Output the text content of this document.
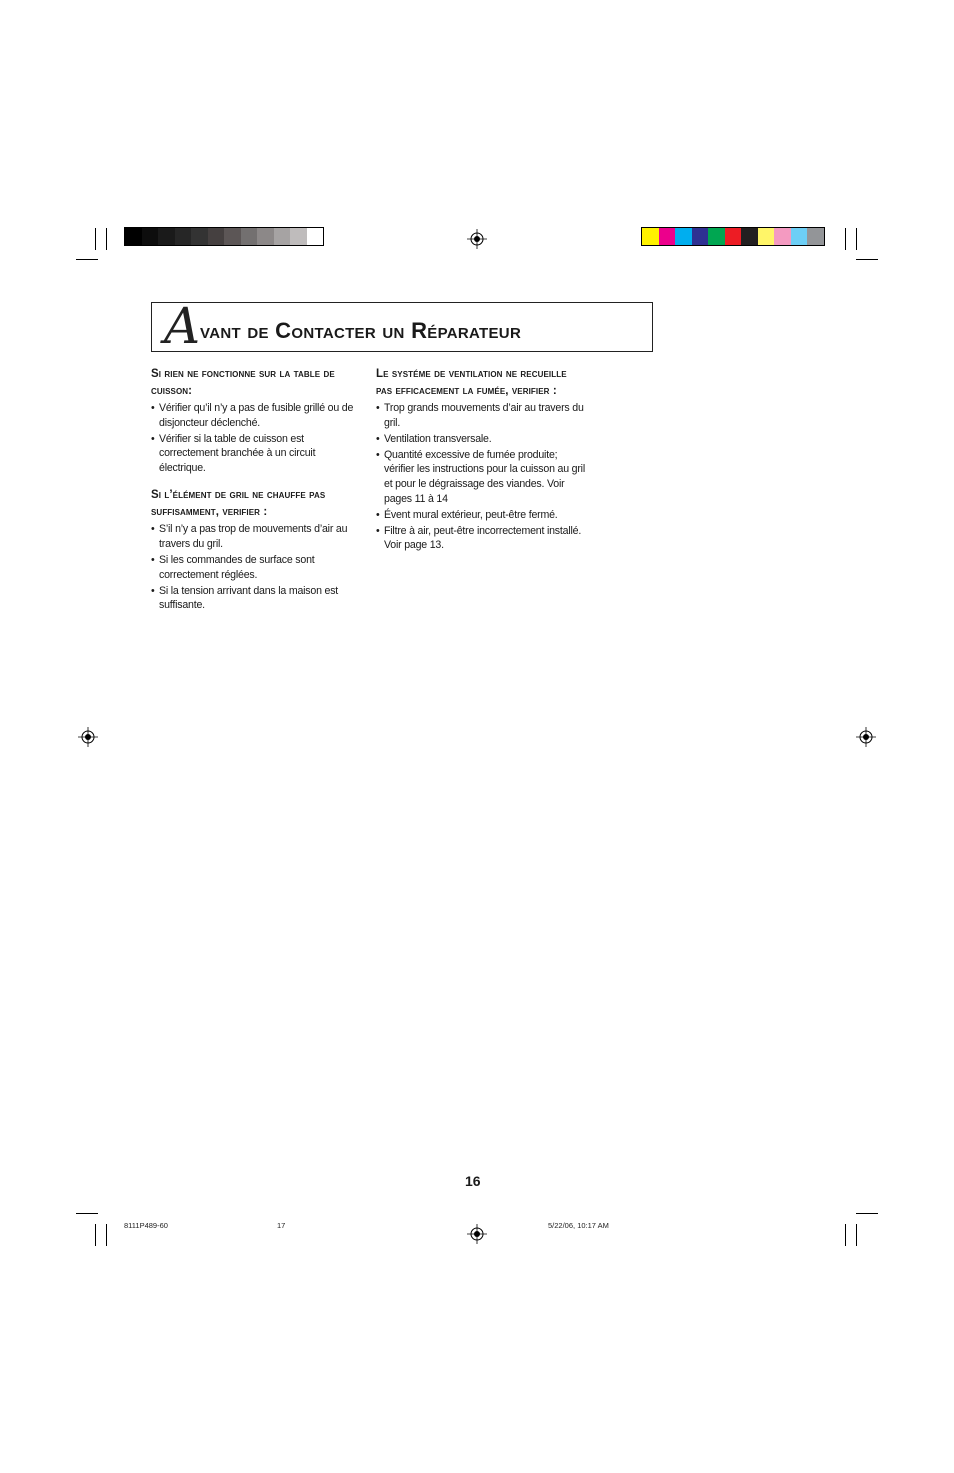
A vant de Contacter un Réparateur
Si rien ne fonctionne sur la table de cuisson:
• Vérifier qu’il n’y a pas de fusible grillé ou de disjoncteur déclenché.
• Vérifier si la table de cuisson est correctement branchée à un circuit électrique.
Si l’élément de gril ne chauffe pas suffisamment, verifier :
• S’il n’y a pas trop de mouvements d’air au travers du gril.
• Si les commandes de surface sont correctement réglées.
• Si la tension arrivant dans la maison est suffisante.
Le systéme de ventilation ne recueille pas efficacement la fumée, verifier :
• Trop grands mouvements d’air au travers du gril.
• Ventilation transversale.
• Quantité excessive de fumée produite; vérifier les instructions pour la cuisson au gril et pour le dégraissage des viandes. Voir pages 11 à 14
• Évent mural extérieur, peut-être fermé.
• Filtre à air, peut-être incorrectement installé. Voir page 13.
16
8111P489-60	17	5/22/06, 10:17 AM
